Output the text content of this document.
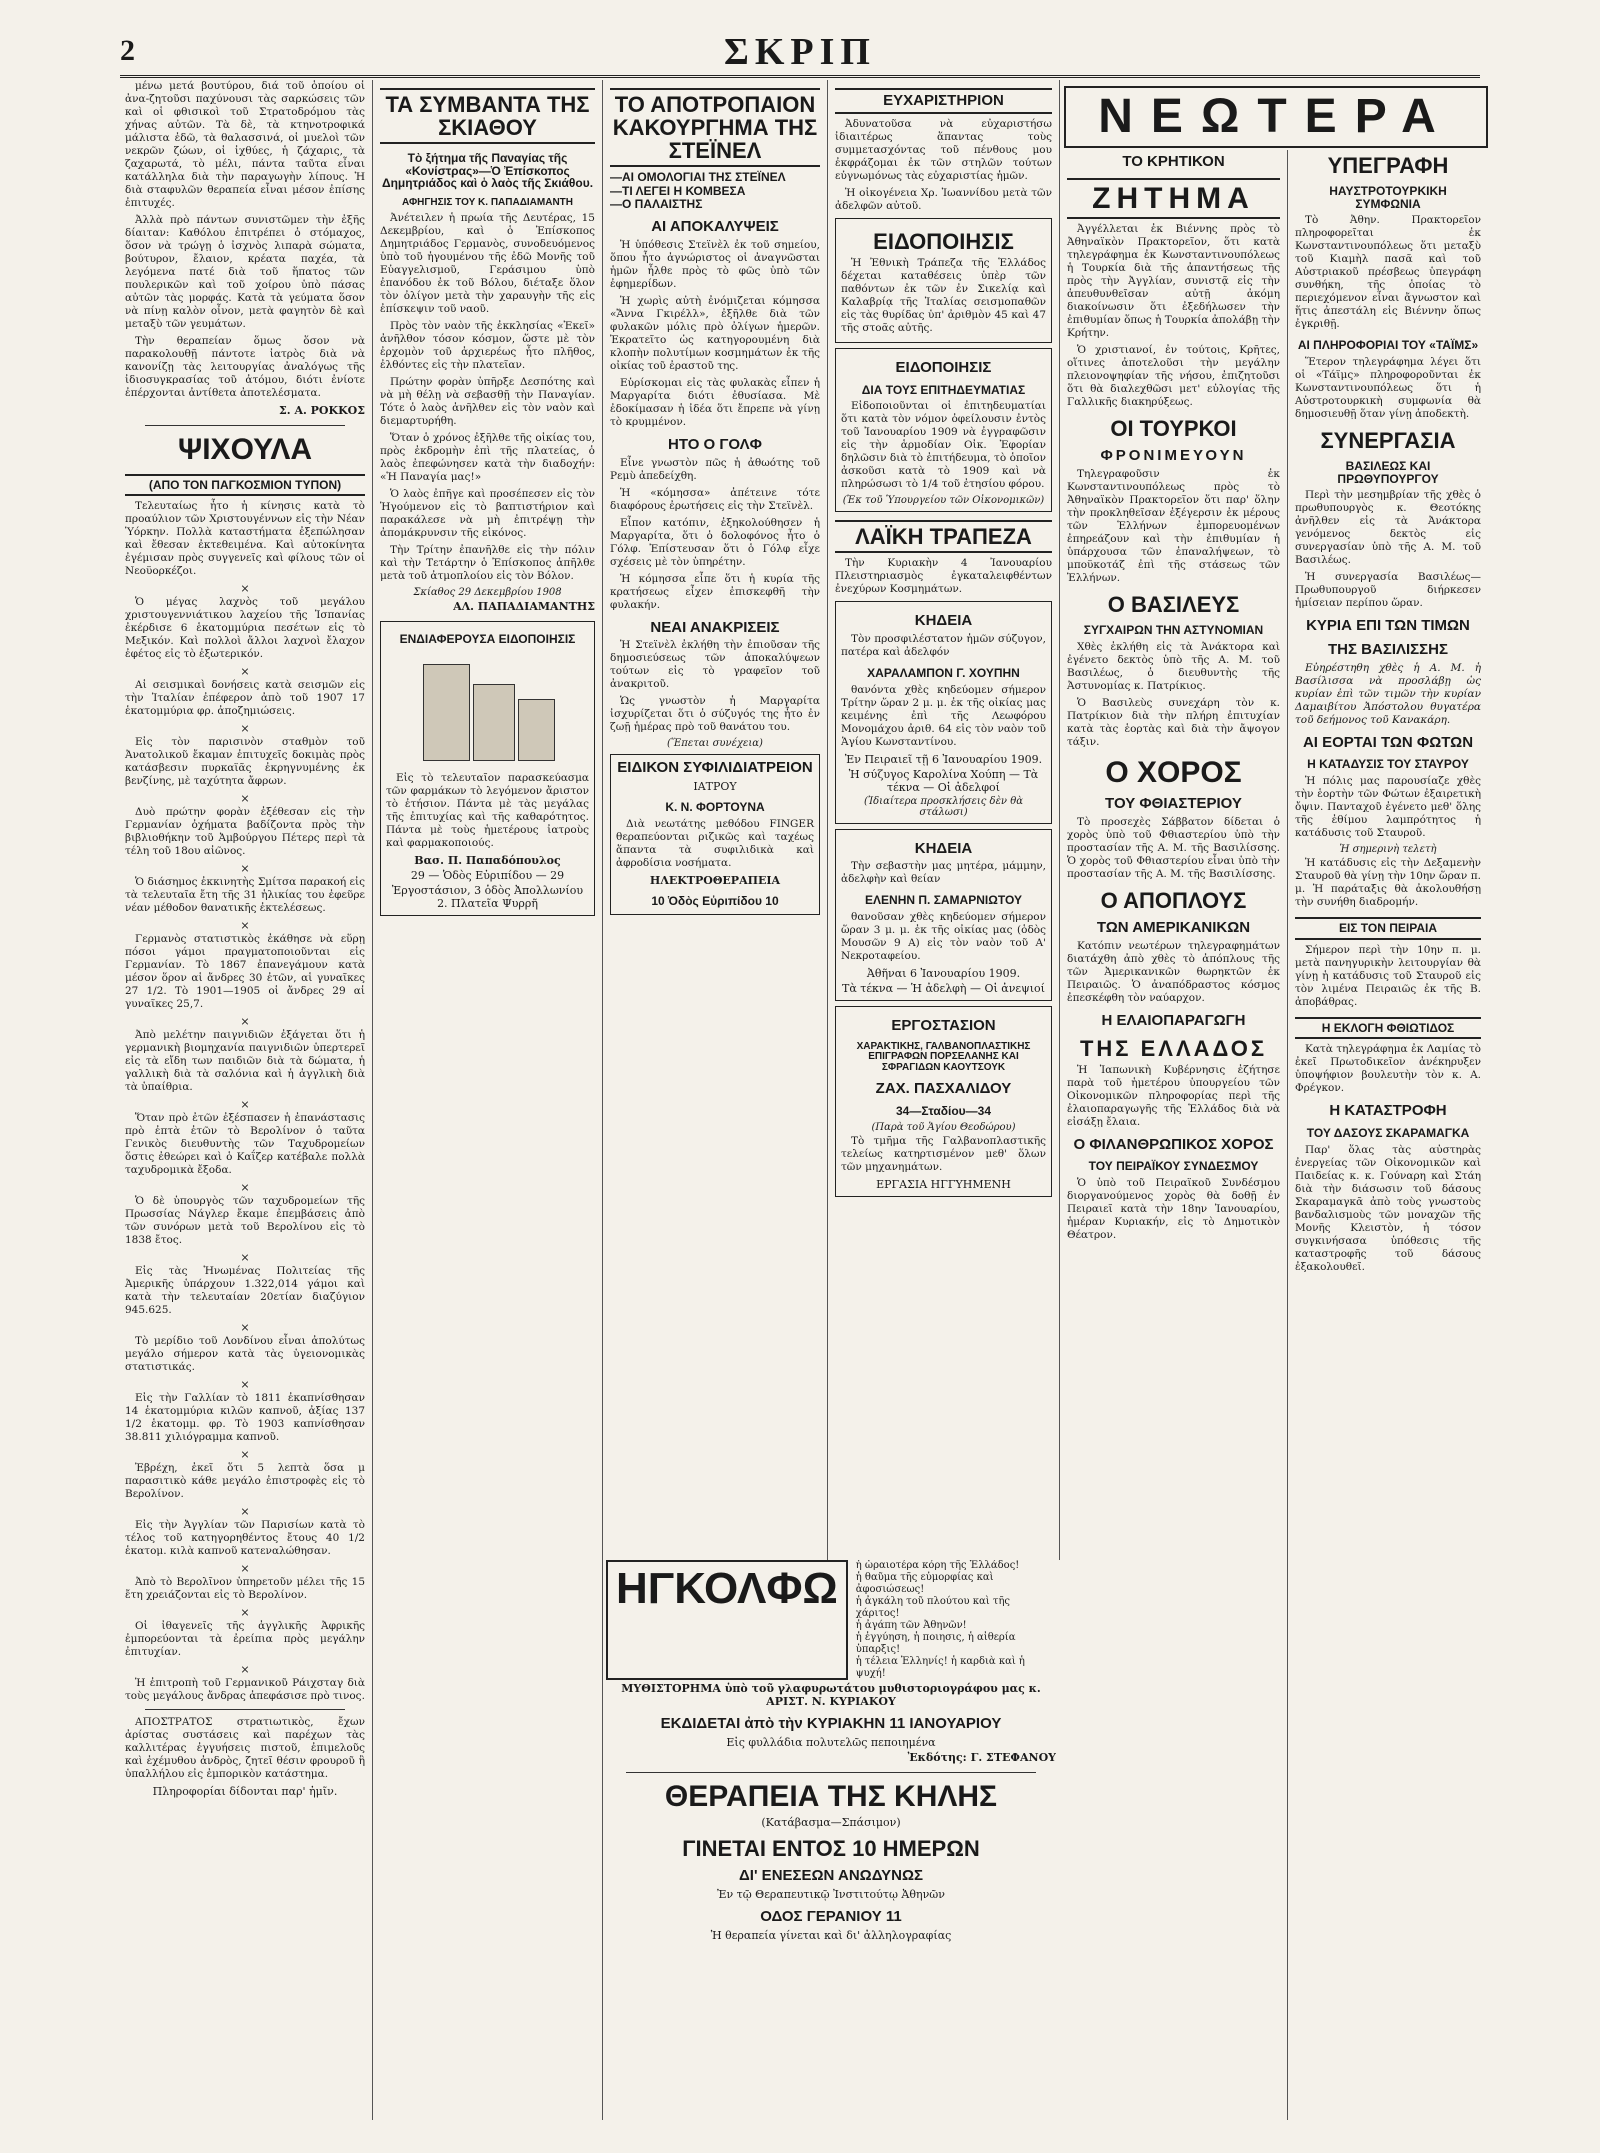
2	ΣΚΡΙΠ

μένω μετά βουτύρου, διά τοῦ ὁποίου οἱ ἀνα-ζητοῦσι παχύνουσι τὰς σαρκώσεις τῶν καὶ οἱ φθισικοὶ τοῦ Στρατοδρόμου τὰς χήνας αὐτῶν. Τὰ δὲ, τὰ κτηνοτροφικά μάλιστα ἐδῶ, τὰ θαλασσινά, οἱ μυελοὶ τῶν νεκρῶν ζώων, οἱ ἰχθύες, ἡ ζάχαρις, τὰ ζαχαρωτά, τὸ μέλι, πάντα ταῦτα εἶναι κατάλληλα διὰ τὴν παραγωγὴν λίπους. Ἡ διὰ σταφυλῶν θεραπεία εἶναι μέσον ἐπίσης ἐπιτυχές.

Ἀλλὰ πρὸ πάντων συνιστῶμεν τὴν ἐξῆς δίαιταν: Καθόλου ἐπιτρέπει ὁ στόμαχος, ὅσον νὰ τρώγῃ ὁ ἰσχνὸς λιπαρὰ σώματα, βούτυρον, ἔλαιον, κρέατα παχέα, τὰ λεγόμενα πατέ διὰ τοῦ ἥπατος τῶν πουλερικῶν καὶ τοῦ χοίρου ὑπὸ πάσας αὐτῶν τὰς μορφάς. Κατὰ τὰ γεύματα ὅσον νὰ πίνῃ καλὸν οἶνον, μετὰ φαγητὸν δὲ καὶ μεταξὺ τῶν γευμάτων.

Τὴν θεραπείαν ὅμως ὅσον νὰ παρακολουθῇ πάντοτε ἰατρὸς διὰ νὰ κανονίζῃ τὰς λειτουργίας ἀναλόγως τῆς ἰδιοσυγκρασίας τοῦ ἀτόμου, διότι ἐνίοτε ἐπέρχονται ἀντίθετα ἀποτελέσματα.

Σ. Α. ΡΟΚΚΟΣ
ΨΙΧΟΥΛΑ
(ΑΠΟ ΤΟΝ ΠΑΓΚΟΣΜΙΟΝ ΤΥΠΟΝ)

Τελευταίως ἦτο ἡ κίνησις κατὰ τὸ προαύλιον τῶν Χριστουγέννων εἰς τὴν Νέαν Ὑόρκην. Πολλὰ καταστήματα ἐξεπώλησαν καὶ ἔθεσαν ἐκτεθειμένα. Καὶ αὐτοκίνητα ἐγέμισαν πρὸς συγγενεῖς καὶ φίλους τῶν οἱ Νεοϋορκέζοι.

×

Ὁ μέγας λαχνὸς τοῦ μεγάλου χριστουγεννιάτικου λαχείου τῆς Ἱσπανίας ἐκέρδισε 6 ἑκατομμύρια πεσέτων εἰς τὸ Μεξικόν. Καὶ πολλοὶ ἄλλοι λαχνοὶ ἔλαχον ἐφέτος εἰς τὸ ἐξωτερικόν.

×

Αἱ σεισμικαὶ δονήσεις κατὰ σεισμῶν εἰς τὴν Ἰταλίαν ἐπέφερον ἀπὸ τοῦ 1907 17 ἑκατομμύρια φρ. ἀποζημιώσεις.

×

Εἰς τὸν παρισινὸν σταθμὸν τοῦ Ἀνατολικοῦ ἔκαμαν ἐπιτυχεῖς δοκιμὰς πρὸς κατάσβεσιν πυρκαϊᾶς ἐκρηγνυμένης ἐκ βενζίνης, μὲ ταχύτητα ἄφρων.

×

Δυὸ πρώτην φορὰν ἐξέθεσαν εἰς τὴν Γερμανίαν ὀχήματα βαδίζοντα πρὸς τὴν βιβλιοθήκην τοῦ Ἀμβούργου Πέτερς περὶ τὰ τέλη τοῦ 18ου αἰῶνος.

×

Ὁ διάσημος ἐκκινητὴς Σμίτσα παρακοή εἰς τὰ τελευταῖα ἔτη τῆς 31 ἡλικίας του ἐφεῦρε νέαν μέθοδον θανατικῆς ἐκτελέσεως.

×

Γερμανὸς στατιστικὸς ἐκάθησε νὰ εὕρῃ πόσοι γάμοι πραγματοποιοῦνται εἰς Γερμανίαν. Τὸ 1867 ἐπανεγάμουν κατὰ μέσον ὅρον αἱ ἄνδρες 30 ἐτῶν, αἱ γυναῖκες 27 1/2. Τὸ 1901—1905 οἱ ἄνδρες 29 αἱ γυναῖκες 25,7.

×

Ἀπὸ μελέτην παιγνιδιῶν ἐξάγεται ὅτι ἡ γερμανικὴ βιομηχανία παιγνιδιῶν ὑπερτερεῖ εἰς τὰ εἴδη των παιδιῶν διὰ τὰ δώματα, ἡ γαλλικὴ διὰ τὰ σαλόνια καὶ ἡ ἀγγλικὴ διὰ τὰ ὑπαίθρια.

×

Ὅταν πρὸ ἐτῶν ἐξέσπασεν ἡ ἐπανάστασις πρὸ ἐπτὰ ἐτῶν τὸ Βερολίνον ὁ ταῦτα Γενικὸς διευθυντὴς τῶν Ταχυδρομείων ὅστις ἐθεώρει καὶ ὁ Καΐζερ κατέβαλε πολλὰ ταχυδρομικὰ ἔξοδα.

×

Ὁ δὲ ὑπουργὸς τῶν ταχυδρομείων τῆς Πρωσσίας Νάγλερ ἔκαμε ἐπεμβάσεις ἀπὸ τῶν συνόρων μετὰ τοῦ Βερολίνου εἰς τὸ 1838 ἔτος.

×

Εἰς τὰς Ἡνωμένας Πολιτείας τῆς Ἀμερικῆς ὑπάρχουν 1.322,014 γάμοι καὶ κατὰ τὴν τελευταίαν 20ετίαν διαζύγιον 945.625.

×

Τὸ μερίδιο τοῦ Λονδίνου εἶναι ἀπολύτως μεγάλο σήμερον κατὰ τὰς ὑγειονομικὰς στατιστικάς.

×

Εἰς τὴν Γαλλίαν τὸ 1811 ἐκαπνίσθησαν 14 ἑκατομμύρια κιλῶν καπνοῦ, ἀξίας 137 1/2 ἑκατομμ. φρ. Τὸ 1903 καπνίσθησαν 38.811 χιλιόγραμμα καπνοῦ.

×

Ἐβρέχη, ἐκεῖ ὅτι 5 λεπτὰ ὅσα μ παρασιτικὸ κάθε μεγάλο ἐπιστροφὲς εἰς τὸ Βερολίνον.

×

Εἰς τὴν Ἀγγλίαν τῶν Παρισίων κατὰ τὸ τέλος τοῦ κατηγορηθέντος ἔτους 40 1/2 ἑκατομ. κιλὰ καπνοῦ κατεναλώθησαν.

×

Ἀπὸ τὸ Βερολῖνον ὑπηρετοῦν μέλει τῆς 15 ἔτη χρειάζονται εἰς τὸ Βερολίνον.

×

Οἱ ἰθαγενεῖς τῆς ἀγγλικῆς Ἀφρικῆς ἐμπορεύονται τὰ ἐρείπια πρὸς μεγάλην ἐπιτυχίαν.

×

Ἡ ἐπιτροπὴ τοῦ Γερμανικοῦ Ράιχσταγ διὰ τοὺς μεγάλους ἄνδρας ἀπεφάσισε πρὸ τινος.

ΑΠΟΣΤΡΑΤΟΣ στρατιωτικὸς, ἔχων ἀρίστας συστάσεις καὶ παρέχων τὰς καλλιτέρας ἐγγυήσεις πιστοῦ, ἐπιμελοῦς καὶ ἐχέμυθου ἀνδρὸς, ζητεῖ θέσιν φρουροῦ ἢ ὑπαλλήλου εἰς ἐμπορικὸν κατάστημα.

Πληροφορίαι δίδονται παρ' ἡμῖν.
ΤΑ ΣΥΜΒΑΝΤΑ ΤΗΣ ΣΚΙΑΘΟΥ
Τὸ ξήτημα τῆς Παναγίας τῆς «Κονίστρας»—Ὁ Ἐπίσκοπος Δημητριάδος καὶ ὁ λαὸς τῆς Σκιάθου.
ΑΦΗΓΗΣΙΣ ΤΟΥ Κ. ΠΑΠΑΔΙΑΜΑΝΤΗ

Ἀνέτειλεν ἡ πρωία τῆς Δευτέρας, 15 Δεκεμβρίου, καὶ ὁ Ἐπίσκοπος Δημητριάδος Γερμανὸς, συνοδευόμενος ὑπὸ τοῦ ἡγουμένου τῆς ἐδῶ Μονῆς τοῦ Εὐαγγελισμοῦ, Γεράσιμου ὑπὸ ἐπανόδου ἐκ τοῦ Βόλου, διέταξε ὅλον τὸν ὀλίγον μετὰ τὴν χαραυγὴν τῆς εἰς ἐπίσκεψιν τοῦ ναοῦ.

Πρὸς τὸν ναὸν τῆς ἐκκλησίας «Ἐκεῖ» ἀνῆλθον τόσον κόσμον, ὥστε μὲ τὸν ἐρχομὸν τοῦ ἀρχιερέως ἦτο πλῆθος, ἐλθόντες εἰς τὴν πλατεῖαν.

Πρώτην φορὰν ὑπῆρξε Δεσπότης καὶ νὰ μὴ θέλῃ νὰ σεβασθῇ τὴν Παναγίαν. Τότε ὁ λαὸς ἀνῆλθεν εἰς τὸν ναὸν καὶ διεμαρτυρήθη.

Ὅταν ὁ χρόνος ἐξῆλθε τῆς οἰκίας του, πρὸς ἐκδρομὴν ἐπὶ τῆς πλατείας, ὁ λαὸς ἐπεφώνησεν κατὰ τὴν διαδοχήν: «Ἡ Παναγία μας!»

Ὁ λαὸς ἐπῆγε καὶ προσέπεσεν εἰς τὸν Ἡγούμενον εἰς τὸ βαπτιστήριον καὶ παρακάλεσε νὰ μὴ ἐπιτρέψῃ τὴν ἀπομάκρυνσιν τῆς εἰκόνος.

Τὴν Τρίτην ἐπανῆλθε εἰς τὴν πόλιν καὶ τὴν Τετάρτην ὁ Ἐπίσκοπος ἀπῆλθε μετὰ τοῦ ἀτμοπλοίου εἰς τὸν Βόλον.

Σκίαθος 29 Δεκεμβρίου 1908
ΑΛ. ΠΑΠΑΔΙΑΜΑΝΤΗΣ
ΕΝΔΙΑΦΕΡΟΥΣΑ ΕΙΔΟΠΟΙΗΣΙΣ

Εἰς τὸ τελευταῖον παρασκεύασμα τῶν φαρμάκων τὸ λεγόμενον ἄριστον τὸ ἐτήσιον. Πάντα μὲ τὰς μεγάλας τῆς ἐπιτυχίας καὶ τῆς καθαρότητος. Πάντα μὲ τοὺς ἡμετέρους ἰατροὺς καὶ φαρμακοποιούς.

Βασ. Π. Παπαδόπουλος
29 — Ὁδὸς Εὐριπίδου — 29
Ἐργοστάσιον, 3 ὁδὸς Ἀπολλωνίου 2. Πλατεῖα Ψυρρῆ
ΤΟ ΑΠΟΤΡΟΠΑΙΟΝ ΚΑΚΟΥΡΓΗΜΑ ΤΗΣ ΣΤΕΪΝΕΛ
—ΑΙ ΟΜΟΛΟΓΙΑΙ ΤΗΣ ΣΤΕΪΝΕΛ
—ΤΙ ΛΕΓΕΙ Η ΚΟΜΒΕΣΑ
—Ο ΠΑΛΑΙΣΤΗΣ
ΑΙ ΑΠΟΚΑΛΥΨΕΙΣ

Ἡ ὑπόθεσις Στεϊνὲλ ἐκ τοῦ σημείου, ὅπου ἦτο ἀγνώριστος οἱ ἀναγνῶσται ἡμῶν ἦλθε πρὸς τὸ φῶς ὑπὸ τῶν ἐφημερίδων.

Ἡ χωρὶς αὐτὴ ἐνόμιζεται κόμησσα «Ἄννα Γκιρέλλ», ἐξῆλθε διὰ τῶν φυλακῶν μόλις πρὸ ὀλίγων ἡμερῶν. Ἐκρατεῖτο ὡς κατηγορουμένη διὰ κλοπὴν πολυτίμων κοσμημάτων ἐκ τῆς οἰκίας τοῦ ἐραστοῦ της.

Εὑρίσκομαι εἰς τὰς φυλακὰς εἶπεν ἡ Μαργαρίτα διότι ἐθυσίασα. Μὲ ἐδοκίμασαν ἡ ἰδέα ὅτι ἔπρεπε νὰ γίνῃ τὸ κρυμμένον.

ΗΤΟ Ο ΓΟΛΦ

Εἶνε γνωστὸν πῶς ἡ ἀθωότης τοῦ Ρεμὺ ἀπεδείχθη.

Ἡ «κόμησσα» ἀπέτεινε τότε διαφόρους ἐρωτήσεις εἰς τὴν Στεϊνὲλ.

Εἶπον κατόπιν, ἐξηκολούθησεν ἡ Μαργαρίτα, ὅτι ὁ δολοφόνος ἦτο ὁ Γόλφ. Ἐπίστευσαν ὅτι ὁ Γόλφ εἶχε σχέσεις μὲ τὸν ὑπηρέτην.

Ἡ κόμησσα εἶπε ὅτι ἡ κυρία τῆς κρατήσεως εἶχεν ἐπισκεφθῆ τὴν φυλακήν.

ΝΕΑΙ ΑΝΑΚΡΙΣΕΙΣ

Ἡ Στεϊνὲλ ἐκλήθη τὴν ἐπιοῦσαν τῆς δημοσιεύσεως τῶν ἀποκαλύψεων τούτων εἰς τὸ γραφεῖον τοῦ ἀνακριτοῦ.

Ὡς γνωστὸν ἡ Μαργαρίτα ἰσχυρίζεται ὅτι ὁ σύζυγός της ἦτο ἐν ζωῇ ἡμέρας πρὸ τοῦ θανάτου του.

(Ἕπεται συνέχεια)
ΕΙΔΙΚΟΝ ΣΥΦΙΛΙΔΙΑΤΡΕΙΟΝ
ΙΑΤΡΟΥ
Κ. Ν. ΦΟΡΤΟΥΝΑ

Διὰ νεωτάτης μεθόδου FINGER θεραπεύονται ριζικῶς καὶ ταχέως ἅπαντα τὰ συφιλιδικὰ καὶ ἀφροδίσια νοσήματα.

ΗΛΕΚΤΡΟΘΕΡΑΠΕΙΑ
10 Ὁδὸς Εὐριπίδου 10
ΗΓΚΟΛΦΩ	ἡ ὡραιοτέρα κόρη τῆς Ἑλλάδος!
ἡ θαῦμα τῆς εὐμορφίας καὶ ἀφοσιώσεως!
ἡ ἀγκάλη τοῦ πλούτου καὶ τῆς χάριτος!
ἡ ἀγάπη τῶν Ἀθηνῶν!
ἡ ἐγγύηση, ἡ ποιησις, ἡ αἰθερία ὑπαρξις!
ἡ τέλεια Ἑλληνίς! ἡ καρδιὰ καὶ ἡ ψυχή!
ΜΥΘΙΣΤΟΡΗΜΑ ὑπὸ τοῦ γλαφυρωτάτου μυθιστοριογράφου μας κ. ΑΡΙΣΤ. Ν. ΚΥΡΙΑΚΟΥ
ΕΚΔΙΔΕΤΑΙ ἀπὸ τὴν ΚΥΡΙΑΚΗΝ 11 ΙΑΝΟΥΑΡΙΟΥ
Εἰς φυλλάδια πολυτελῶς πεποιημένα
Ἐκδότης: Γ. ΣΤΕΦΑΝΟΥ
ΘΕΡΑΠΕΙΑ ΤΗΣ ΚΗΛΗΣ
(Κατάβασμα—Σπάσιμον)
ΓΙΝΕΤΑΙ ΕΝΤΟΣ 10 ΗΜΕΡΩΝ
ΔΙ' ΕΝΕΣΕΩΝ ΑΝΩΔΥΝΩΣ
Ἐν τῷ Θεραπευτικῷ Ἰνστιτούτῳ Ἀθηνῶν
ΟΔΟΣ ΓΕΡΑΝΙΟΥ 11
Ἡ θεραπεία γίνεται καὶ δι' ἀλληλογραφίας
ΕΥΧΑΡΙΣΤΗΡΙΟΝ

Ἀδυνατοῦσα νὰ εὐχαριστήσω ἰδιαιτέρως ἅπαντας τοὺς συμμετασχόντας τοῦ πένθους μου ἐκφράζομαι ἐκ τῶν στηλῶν τούτων εὐγνωμόνως τὰς εὐχαριστίας ἡμῶν.

Ἡ οἰκογένεια Χρ. Ἰωαννίδου μετὰ τῶν ἀδελφῶν αὐτοῦ.

ΕΙΔΟΠΟΙΗΣΙΣ

Ἡ Ἐθνικὴ Τράπεζα τῆς Ἑλλάδος δέχεται καταθέσεις ὑπὲρ τῶν παθόντων ἐκ τῶν ἐν Σικελίᾳ καὶ Καλαβρίᾳ τῆς Ἰταλίας σεισμοπαθῶν εἰς τὰς θυρίδας ὑπ' ἀριθμὸν 45 καὶ 47 τῆς στοᾶς αὐτῆς.

ΕΙΔΟΠΟΙΗΣΙΣ
ΔΙΑ ΤΟΥΣ ΕΠΙΤΗΔΕΥΜΑΤΙΑΣ

Εἰδοποιοῦνται οἱ ἐπιτηδευματίαι ὅτι κατὰ τὸν νόμον ὀφείλουσιν ἐντὸς τοῦ Ἰανουαρίου 1909 νὰ ἐγγραφῶσιν εἰς τὴν ἁρμοδίαν Οἰκ. Ἐφορίαν δηλῶσιν διὰ τὸ ἐπιτήδευμα, τὸ ὁποῖον ἀσκοῦσι κατὰ τὸ 1909 καὶ νὰ πληρώσωσι τὸ 1/4 τοῦ ἐτησίου φόρου.

(Ἐκ τοῦ Ὑπουργείου τῶν Οἰκονομικῶν)
ΛΑΪΚΗ ΤΡΑΠΕΖΑ

Τὴν Κυριακὴν 4 Ἰανουαρίου Πλειστηριασμὸς ἐγκαταλειφθέντων ἐνεχύρων Κοσμημάτων.

ΚΗΔΕΙΑ

Τὸν προσφιλέστατον ἡμῶν σύζυγον, πατέρα καὶ ἀδελφόν

ΧΑΡΑΛΑΜΠΟΝ Γ. ΧΟΥΠΗΝ

θανόντα χθὲς κηδεύομεν σήμερον Τρίτην ὥραν 2 μ. μ. ἐκ τῆς οἰκίας μας κειμένης ἐπὶ τῆς Λεωφόρου Μονομάχου ἀριθ. 64 εἰς τὸν ναὸν τοῦ Ἁγίου Κωνσταντίνου.

Ἐν Πειραιεῖ τῇ 6 Ἰανουαρίου 1909.
Ἡ σύζυγος Καρολίνα Χούπη — Τὰ τέκνα — Οἱ ἀδελφοί
(Ἰδιαίτερα προσκλήσεις δὲν θὰ στάλωσι)
ΚΗΔΕΙΑ

Τὴν σεβαστὴν μας μητέρα, μάμμην, ἀδελφὴν καὶ θείαν

ΕΛΕΝΗΝ Π. ΣΑΜΑΡΝΙΩΤΟΥ

θανοῦσαν χθὲς κηδεύομεν σήμερον ὥραν 3 μ. μ. ἐκ τῆς οἰκίας μας (ὁδὸς Μουσῶν 9 Α) εἰς τὸν ναὸν τοῦ Α' Νεκροταφείου.

Ἀθῆναι 6 Ἰανουαρίου 1909.
Τὰ τέκνα — Ἡ ἀδελφὴ — Οἱ ἀνεψιοί
ΕΡΓΟΣΤΑΣΙΟΝ
ΧΑΡΑΚΤΙΚΗΣ, ΓΑΛΒΑΝΟΠΛΑΣΤΙΚΗΣ ΕΠΙΓΡΑΦΩΝ ΠΟΡΣΕΛΑΝΗΣ ΚΑΙ ΣΦΡΑΓΙΔΩΝ ΚΑΟΥΤΣΟΥΚ
ΖΑΧ. ΠΑΣΧΑΛΙΔΟΥ
34—Σταδίου—34
(Παρὰ τοῦ Ἁγίου Θεοδώρου)

Τὸ τμῆμα τῆς Γαλβανοπλαστικῆς τελείως κατηρτισμένον μεθ' ὅλων τῶν μηχανημάτων.

ΕΡΓΑΣΙΑ ΗΓΓΥΗΜΕΝΗ
ΝΕΩΤΕΡΑ
ΤΟ ΚΡΗΤΙΚΟΝ
ΖΗΤΗΜΑ

Ἀγγέλλεται ἐκ Βιέννης πρὸς τὸ Ἀθηναϊκὸν Πρακτορεῖον, ὅτι κατὰ τηλεγράφημα ἐκ Κωνσταντινουπόλεως ἡ Τουρκία διὰ τῆς ἀπαντήσεως τῆς πρὸς τὴν Ἀγγλίαν, συνιστᾷ εἰς τὴν ἀπευθυνθεῖσαν αὐτῇ ἀκόμη διακοίνωσιν ὅτι ἐξεδήλωσεν τὴν ἐπιθυμίαν ὅπως ἡ Τουρκία ἀπολάβῃ τὴν Κρήτην.

Ὁ χριστιανοί, ἐν τούτοις, Κρῆτες, οἵτινες ἀποτελοῦσι τὴν μεγάλην πλειονοψηφίαν τῆς νήσου, ἐπιζητοῦσι ὅτι θὰ διαλεχθῶσι μετ' εὐλογίας τῆς Γαλλικῆς διακηρύξεως.

ΟΙ ΤΟΥΡΚΟΙ
ΦΡΟΝΙΜΕΥΟΥΝ

Τηλεγραφοῦσιν ἐκ Κωνσταντινουπόλεως πρὸς τὸ Ἀθηναϊκὸν Πρακτορεῖον ὅτι παρ' ὅλην τὴν προκληθεῖσαν ἐξέγερσιν ἐκ μέρους τῶν Ἑλλήνων ἐμπορευομένων ἐπηρεάζουν καὶ τὴν ἐπιθυμίαν ἡ ὑπάρχουσα τῶν ἐπαναλήψεων, τὸ μποϋκοτάζ ἐπὶ τῆς στάσεως τῶν Ἑλλήνων.

Ο ΒΑΣΙΛΕΥΣ
ΣΥΓΧΑΙΡΩΝ ΤΗΝ ΑΣΤΥΝΟΜΙΑΝ

Χθὲς ἐκλήθη εἰς τὰ Ἀνάκτορα καὶ ἐγένετο δεκτὸς ὑπὸ τῆς Α. Μ. τοῦ Βασιλέως, ὁ διευθυντὴς τῆς Ἀστυνομίας κ. Πατρίκιος.

Ὁ Βασιλεὺς συνεχάρη τὸν κ. Πατρίκιον διὰ τὴν πλήρη ἐπιτυχίαν κατὰ τὰς ἑορτὰς καὶ διὰ τὴν ἄψογον τάξιν.

Ο ΧΟΡΟΣ
ΤΟΥ ΦΘΙΑΣΤΕΡΙΟΥ

Τὸ προσεχὲς Σάββατον δίδεται ὁ χορὸς ὑπὸ τοῦ Φθιαστερίου ὑπὸ τὴν προστασίαν τῆς Α. Μ. τῆς Βασιλίσσης. Ὁ χορὸς τοῦ Φθιαστερίου εἶναι ὑπὸ τὴν προστασίαν τῆς Α. Μ. τῆς Βασιλίσσης.

Ο ΑΠΟΠΛΟΥΣ
ΤΩΝ ΑΜΕΡΙΚΑΝΙΚΩΝ

Κατόπιν νεωτέρων τηλεγραφημάτων διατάχθη ἀπὸ χθὲς τὸ ἀπόπλους τῆς τῶν Ἀμερικανικῶν θωρηκτῶν ἐκ Πειραιῶς. Ὁ ἀναπόδραστος κόσμος ἐπεσκέφθη τὸν ναύαρχον.

Η ΕΛΑΙΟΠΑΡΑΓΩΓΗ
ΤΗΣ ΕΛΛΑΔΟΣ

Ἡ Ἰαπωνικὴ Κυβέρνησις ἐζήτησε παρὰ τοῦ ἡμετέρου ὑπουργείου τῶν Οἰκονομικῶν πληροφορίας περὶ τῆς ἐλαιοπαραγωγῆς τῆς Ἑλλάδος διὰ νὰ εἰσάξῃ ἔλαια.

Ο ΦΙΛΑΝΘΡΩΠΙΚΟΣ ΧΟΡΟΣ
ΤΟΥ ΠΕΙΡΑΪΚΟΥ ΣΥΝΔΕΣΜΟΥ

Ὁ ὑπὸ τοῦ Πειραϊκοῦ Συνδέσμου διοργανούμενος χορὸς θὰ δοθῇ ἐν Πειραιεῖ κατὰ τὴν 18ην Ἰανουαρίου, ἡμέραν Κυριακήν, εἰς τὸ Δημοτικὸν Θέατρον.

ΥΠΕΓΡΑΦΗ
ΗΑΥΣΤΡΟΤΟΥΡΚΙΚΗ ΣΥΜΦΩΝΙΑ

Τὸ Ἀθην. Πρακτορεῖον πληροφορεῖται ἐκ Κωνσταντινουπόλεως ὅτι μεταξὺ τοῦ Κιαμὴλ πασᾶ καὶ τοῦ Αὐστριακοῦ πρέσβεως ὑπεγράφη συνθήκη, τῆς ὁποίας τὸ περιεχόμενον εἶναι ἄγνωστον καὶ ἥτις ἀπεστάλη εἰς Βιέννην ὅπως ἐγκριθῇ.

ΑΙ ΠΛΗΡΟΦΟΡΙΑΙ ΤΟΥ «ΤΑΪΜΣ»

Ἕτερον τηλεγράφημα λέγει ὅτι οἱ «Τάϊμς» πληροφοροῦνται ἐκ Κωνσταντινουπόλεως ὅτι ἡ Αὐστροτουρκικὴ συμφωνία θὰ δημοσιευθῇ ὅταν γίνῃ ἀποδεκτὴ.

ΣΥΝΕΡΓΑΣΙΑ
ΒΑΣΙΛΕΩΣ ΚΑΙ ΠΡΩΘΥΠΟΥΡΓΟΥ

Περὶ τὴν μεσημβρίαν τῆς χθὲς ὁ πρωθυπουργὸς κ. Θεοτόκης ἀνῆλθεν εἰς τὰ Ἀνάκτορα γενόμενος δεκτὸς εἰς συνεργασίαν ὑπὸ τῆς Α. Μ. τοῦ Βασιλέως.

Ἡ συνεργασία Βασιλέως—Πρωθυπουργοῦ διήρκεσεν ἡμίσειαν περίπου ὥραν.

ΚΥΡΙΑ ΕΠΙ ΤΩΝ ΤΙΜΩΝ
ΤΗΣ ΒΑΣΙΛΙΣΣΗΣ

Εὐηρέστηθη χθὲς ἡ Α. Μ. ἡ Βασίλισσα νὰ προσλάβῃ ὡς κυρίαν ἐπὶ τῶν τιμῶν τὴν κυρίαν Δαμαιβίτου Ἀπόστολου θυγατέρα τοῦ δεήμονος τοῦ Κανακάρη.

ΑΙ ΕΟΡΤΑΙ ΤΩΝ ΦΩΤΩΝ
Η ΚΑΤΑΔΥΣΙΣ ΤΟΥ ΣΤΑΥΡΟΥ

Ἡ πόλις μας παρουσίαζε χθὲς τὴν ἑορτὴν τῶν Φώτων ἐξαιρετικὴ ὄψιν. Πανταχοῦ ἐγένετο μεθ' ὅλης τῆς ἐθίμου λαμπρότητος ἡ κατάδυσις τοῦ Σταυροῦ.

Ἡ σημερινὴ τελετὴ

Ἡ κατάδυσις εἰς τὴν Δεξαμενὴν Σταυροῦ θὰ γίνῃ τὴν 10ην ὥραν π. μ. Ἡ παράταξις θὰ ἀκολουθήσῃ τὴν συνήθη διαδρομήν.

ΕΙΣ ΤΟΝ ΠΕΙΡΑΙΑ

Σήμερον περὶ τὴν 10ην π. μ. μετὰ πανηγυρικὴν λειτουργίαν θὰ γίνῃ ἡ κατάδυσις τοῦ Σταυροῦ εἰς τὸν λιμένα Πειραιῶς ἐκ τῆς Β. ἀποβάθρας.

Η ΕΚΛΟΓΗ ΦΘΙΩΤΙΔΟΣ

Κατὰ τηλεγράφημα ἐκ Λαμίας τὸ ἐκεῖ Πρωτοδικεῖον ἀνέκηρυξεν ὑποψήφιον βουλευτὴν τὸν κ. Α. Φρέγκον.

Η ΚΑΤΑΣΤΡΟΦΗ
ΤΟΥ ΔΑΣΟΥΣ ΣΚΑΡΑΜΑΓΚΑ

Παρ' ὅλας τὰς αὐστηρὰς ἐνεργείας τῶν Οἰκονομικῶν καὶ Παιδείας κ. κ. Γούναρη καὶ Στάη διὰ τὴν διάσωσιν τοῦ δάσους Σκαραμαγκᾶ ἀπὸ τοὺς γνωστοὺς βανδαλισμοὺς τῶν μοναχῶν τῆς Μονῆς Κλειστὸν, ἡ τόσον συγκινήσασα ὑπόθεσις τῆς καταστροφῆς τοῦ δάσους ἐξακολουθεῖ.
